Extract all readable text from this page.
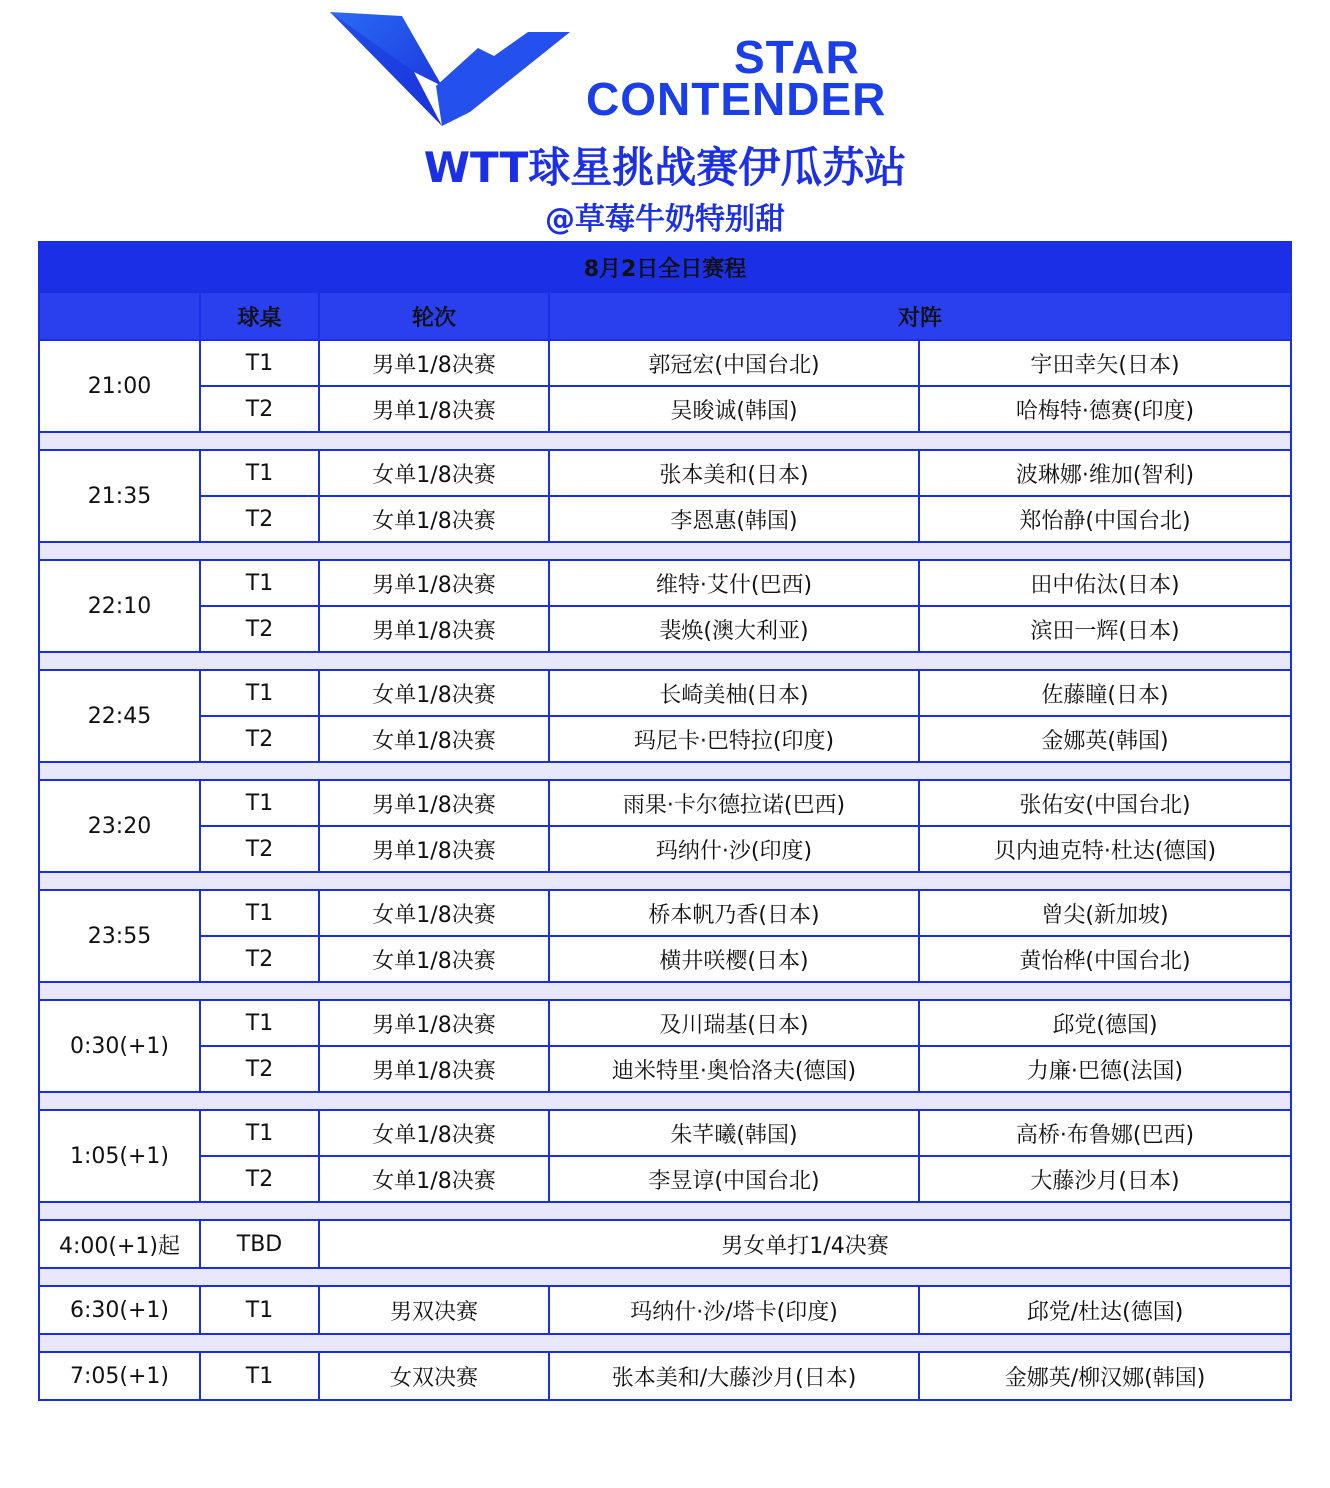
STAR
CONTENDER
WTT球星挑战赛伊瓜苏站
@草莓牛奶特别甜
8月2日全日赛程				
	球桌	轮次	对阵	
21:00	T1	男单1/8决赛	郭冠宏(中国台北)	宇田幸矢(日本)
	T2	男单1/8决赛	吴晙诚(韩国)	哈梅特·德赛(印度)

21:35	T1	女单1/8决赛	张本美和(日本)	波琳娜·维加(智利)
	T2	女单1/8决赛	李恩惠(韩国)	郑怡静(中国台北)

22:10	T1	男单1/8决赛	维特·艾什(巴西)	田中佑汰(日本)
	T2	男单1/8决赛	裴焕(澳大利亚)	滨田一辉(日本)

22:45	T1	女单1/8决赛	长崎美柚(日本)	佐藤瞳(日本)
	T2	女单1/8决赛	玛尼卡·巴特拉(印度)	金娜英(韩国)

23:20	T1	男单1/8决赛	雨果·卡尔德拉诺(巴西)	张佑安(中国台北)
	T2	男单1/8决赛	玛纳什·沙(印度)	贝内迪克特·杜达(德国)

23:55	T1	女单1/8决赛	桥本帆乃香(日本)	曾尖(新加坡)
	T2	女单1/8决赛	横井咲樱(日本)	黄怡桦(中国台北)

0:30(+1)	T1	男单1/8决赛	及川瑞基(日本)	邱党(德国)
	T2	男单1/8决赛	迪米特里·奥恰洛夫(德国)	力廉·巴德(法国)

1:05(+1)	T1	女单1/8决赛	朱芊曦(韩国)	高桥·布鲁娜(巴西)
	T2	女单1/8决赛	李昱谆(中国台北)	大藤沙月(日本)

4:00(+1)起	TBD	男女单打1/4决赛		

6:30(+1)	T1	男双决赛	玛纳什·沙/塔卡(印度)	邱党/杜达(德国)

7:05(+1)	T1	女双决赛	张本美和/大藤沙月(日本)	金娜英/柳汉娜(韩国)
